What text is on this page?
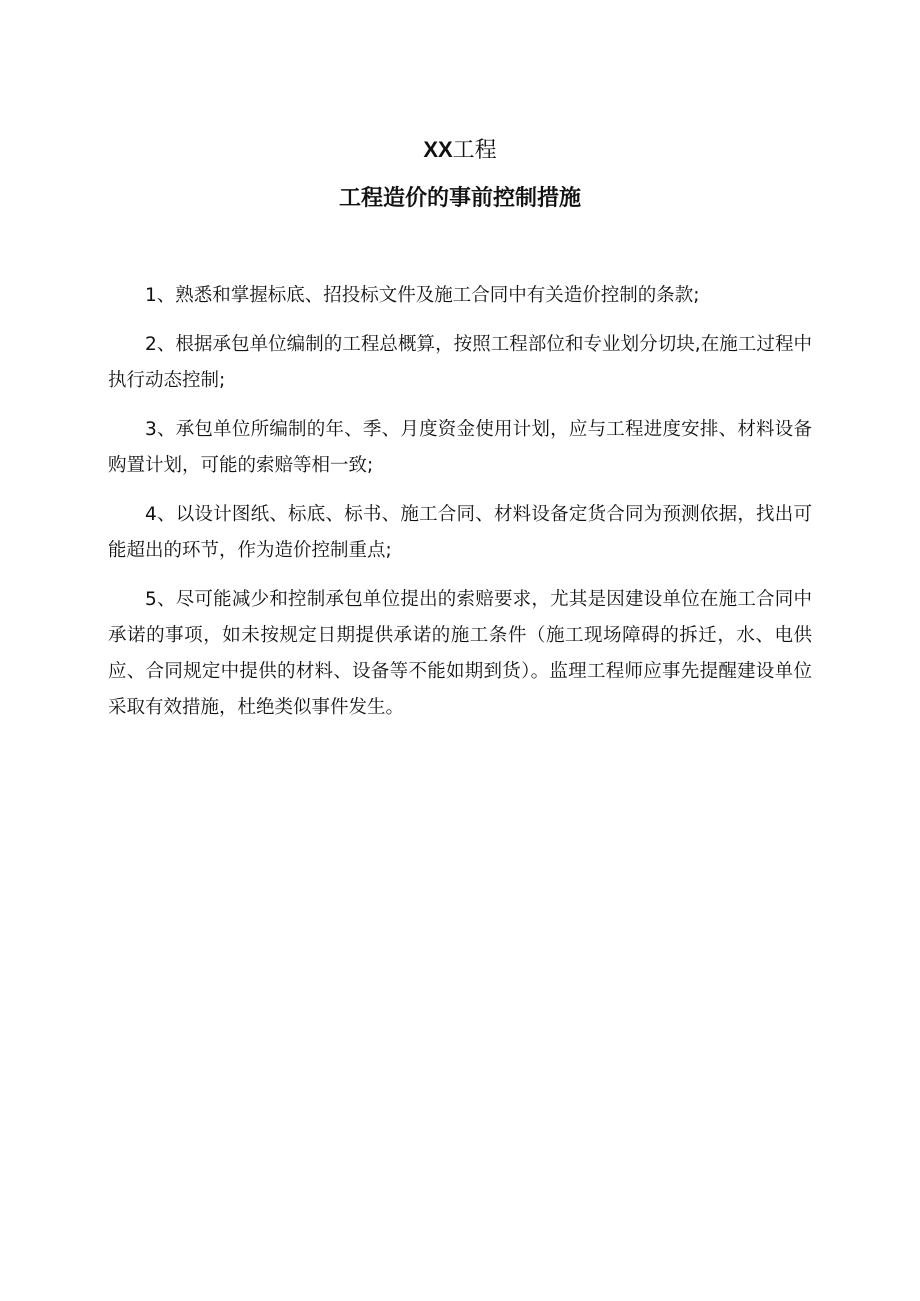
XX工程
工程造价的事前控制措施

1、熟悉和掌握标底、招投标文件及施工合同中有关造价控制的条款;

2、根据承包单位编制的工程总概算，按照工程部位和专业划分切块,在施工过程中执行动态控制;

3、承包单位所编制的年、季、月度资金使用计划，应与工程进度安排、材料设备购置计划，可能的索赔等相一致;

4、以设计图纸、标底、标书、施工合同、材料设备定货合同为预测依据，找出可能超出的环节，作为造价控制重点;

5、尽可能减少和控制承包单位提出的索赔要求，尤其是因建设单位在施工合同中承诺的事项，如未按规定日期提供承诺的施工条件（施工现场障碍的拆迁，水、电供应、合同规定中提供的材料、设备等不能如期到货）。监理工程师应事先提醒建设单位采取有效措施，杜绝类似事件发生。
